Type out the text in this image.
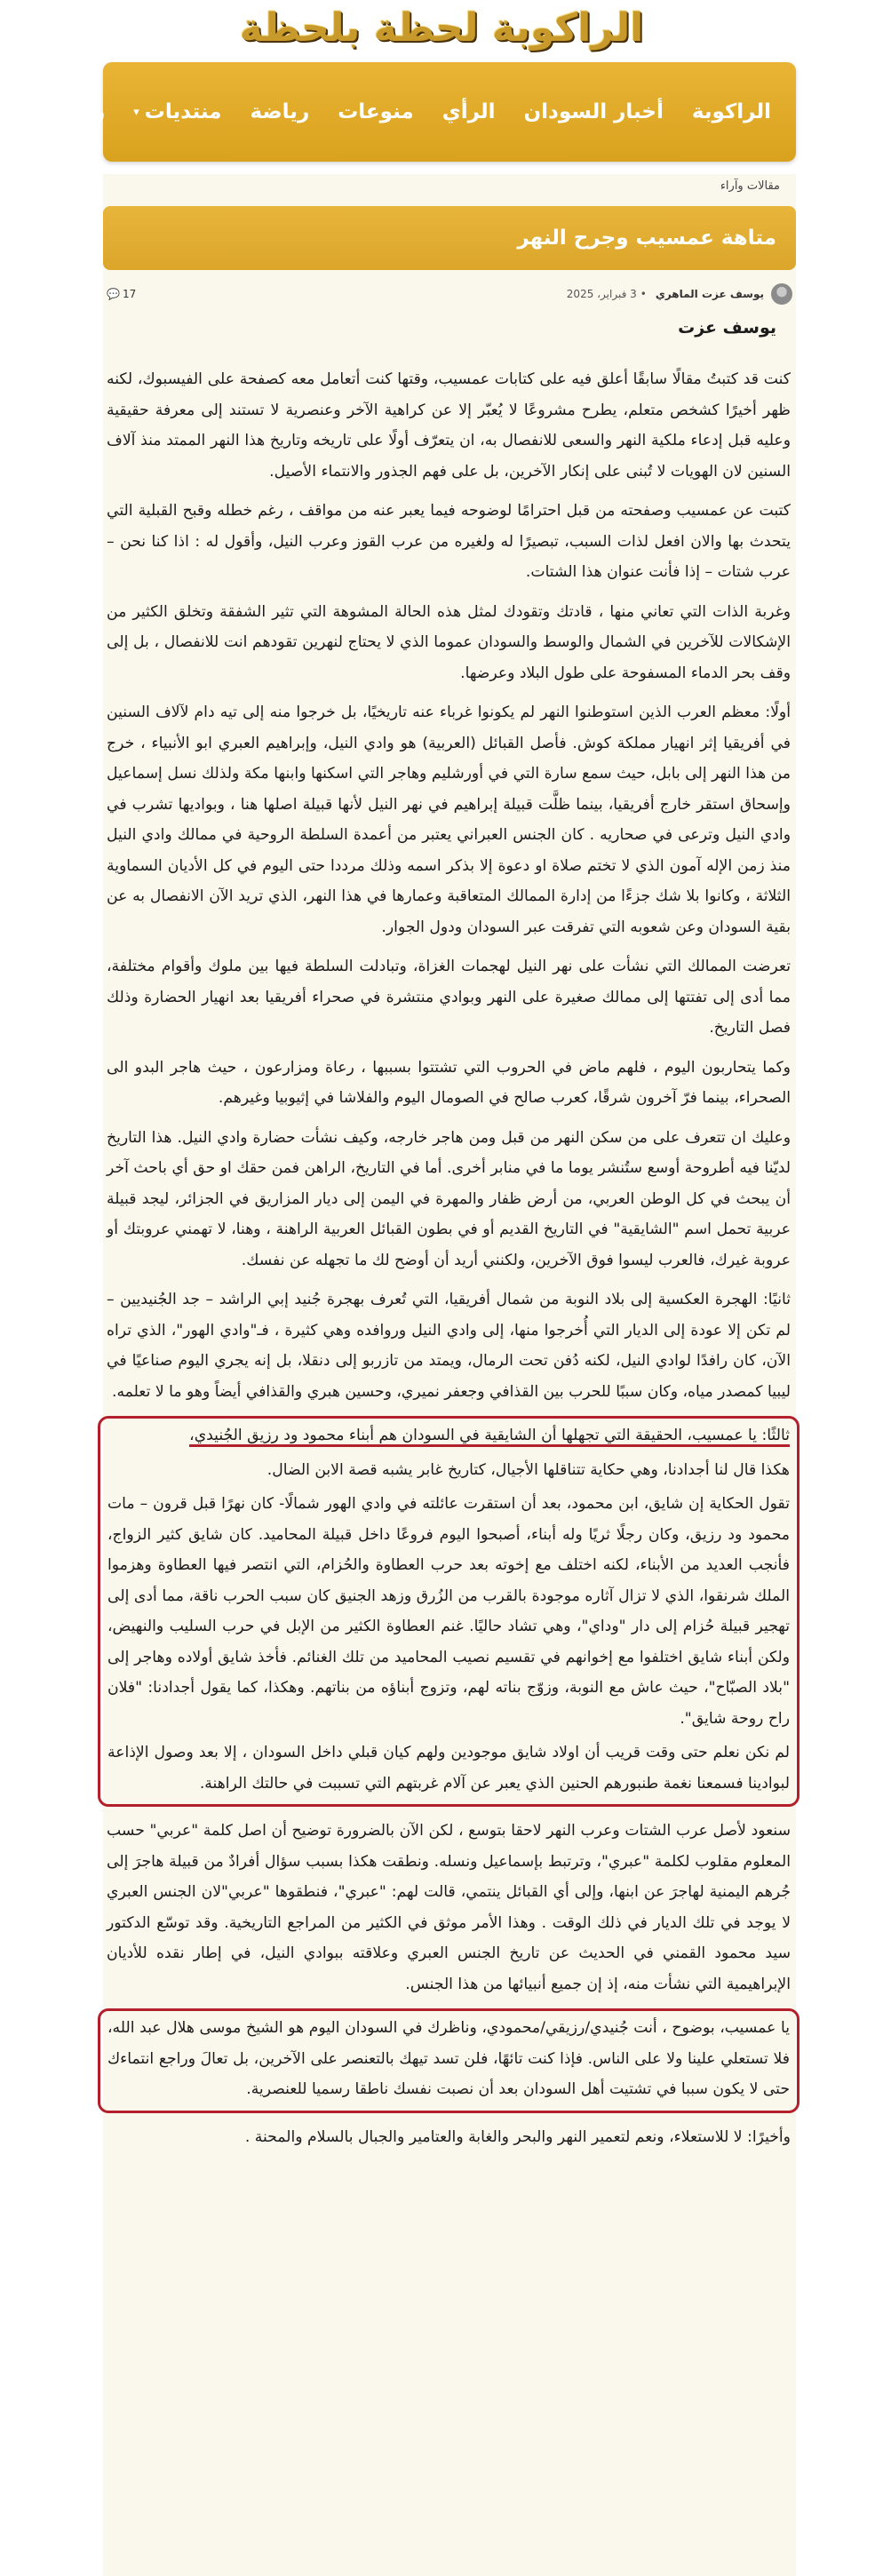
الراكوبة لحظة بلحظة
الراكوبة
أخبار السودان
الرأي
منوعات
رياضة
منتديات
▾
راسلنا
مقالات وآراء
متاهة عمسيب وجرح النهر
يوسف عزت الماهري
•
3 فبراير، 2025
17
💬
يوسف عزت

كنت قد كتبتُ مقالًا سابقًا أعلق فيه على كتابات عمسيب، وقتها كنت أتعامل معه كصفحة على الفيسبوك، لكنه ظهر أخيرًا كشخص متعلم، يطرح مشروعًا لا يُعبّر إلا عن كراهية الآخر وعنصرية لا تستند إلى معرفة حقيقية وعليه قبل إدعاء ملكية النهر والسعى للانفصال به، ان يتعرّف أولًا على تاريخه وتاريخ هذا النهر الممتد منذ آلاف السنين لان الهويات لا تُبنى على إنكار الآخرين، بل على فهم الجذور والانتماء الأصيل.

كتبت عن عمسيب وصفحته من قبل احترامًا لوضوحه فيما يعبر عنه من مواقف ، رغم خطله وقبح القبلية التي يتحدث بها والان افعل لذات السبب، تبصيرًا له ولغيره من عرب القوز وعرب النيل، وأقول له : اذا كنا نحن – عرب شتات – إذا فأنت عنوان هذا الشتات.

وغربة الذات التي تعاني منها ، قادتك وتقودك لمثل هذه الحالة المشوهة التي تثير الشفقة وتخلق الكثير من الإشكالات للآخرين في الشمال والوسط والسودان عموما الذي لا يحتاج لنهرين تقودهم انت للانفصال ، بل إلى وقف بحر الدماء المسفوحة على طول البلاد وعرضها.

أولًا: معظم العرب الذين استوطنوا النهر لم يكونوا غرباء عنه تاريخيًا، بل خرجوا منه إلى تيه دام لآلاف السنين في أفريقيا إثر انهيار مملكة كوش. فأصل القبائل (العربية) هو وادي النيل، وإبراهيم العبري ابو الأنبياء ، خرج من هذا النهر إلى بابل، حيث سمع سارة التي في أورشليم وهاجر التي اسكنها وابنها مكة ولذلك نسل إسماعيل وإسحاق استقر خارج أفريقيا، بينما ظلَّت قبيلة إبراهيم في نهر النيل لأنها قبيلة اصلها هنا ، وبواديها تشرب في وادي النيل وترعى في صحاريه . كان الجنس العبراني يعتبر من أعمدة السلطة الروحية في ممالك وادي النيل منذ زمن الإله آمون الذي لا تختم صلاة او دعوة إلا بذكر اسمه وذلك مرددا حتى اليوم في كل الأديان السماوية الثلاثة ، وكانوا بلا شك جزءًا من إدارة الممالك المتعاقبة وعمارها في هذا النهر، الذي تريد الآن الانفصال به عن بقية السودان وعن شعوبه التي تفرقت عبر السودان ودول الجوار.

تعرضت الممالك التي نشأت على نهر النيل لهجمات الغزاة، وتبادلت السلطة فيها بين ملوك وأقوام مختلفة، مما أدى إلى تفتتها إلى ممالك صغيرة على النهر وبوادي منتشرة في صحراء أفريقيا بعد انهيار الحضارة وذلك فصل التاريخ.

وكما يتحاربون اليوم ، فلهم ماض في الحروب التي تشتتوا بسببها ، رعاة ومزارعون ، حيث هاجر البدو الى الصحراء، بينما فرّ آخرون شرقًا، كعرب صالح في الصومال اليوم والفلاشا في إثيوبيا وغيرهم.

وعليك ان تتعرف على من سكن النهر من قبل ومن هاجر خارجه، وكيف نشأت حضارة وادي النيل. هذا التاريخ لديّنا فيه أطروحة أوسع ستُنشر يوما ما في منابر أخرى. أما في التاريخ، الراهن فمن حقك او حق أي باحث آخر أن يبحث في كل الوطن العربي، من أرض ظفار والمهرة في اليمن إلى ديار المزاريق في الجزائر، ليجد قبيلة عربية تحمل اسم "الشايقية" في التاريخ القديم أو في بطون القبائل العربية الراهنة ، وهنا، لا تهمني عروبتك أو عروبة غيرك، فالعرب ليسوا فوق الآخرين، ولكنني أريد أن أوضح لك ما تجهله عن نفسك.

ثانيًا: الهجرة العكسية إلى بلاد النوبة من شمال أفريقيا، التي تُعرف بهجرة جُنيد إبي الراشد – جد الجُنيديين – لم تكن إلا عودة إلى الديار التي أُخرجوا منها، إلى وادي النيل وروافده وهي كثيرة ، فـ"وادي الهور"، الذي تراه الآن، كان رافدًا لوادي النيل، لكنه دُفن تحت الرمال، ويمتد من تازربو إلى دنقلا، بل إنه يجري اليوم صناعيًا في ليبيا كمصدر مياه، وكان سببًا للحرب بين القذافي وجعفر نميري، وحسين هبري والقذافي أيضاً وهو ما لا تعلمه.

ثالثًا: يا عمسيب، الحقيقة التي تجهلها أن الشايقية في السودان هم أبناء محمود ود رزيق الجُنيدي،

هكذا قال لنا أجدادنا، وهي حكاية تتناقلها الأجيال، كتاريخ غابر يشبه قصة الابن الضال.

تقول الحكاية إن شايق، ابن محمود، بعد أن استقرت عائلته في وادي الهور شمالًا- كان نهرًا قبل قرون – مات محمود ود رزيق، وكان رجلًا ثريًا وله أبناء، أصبحوا اليوم فروعًا داخل قبيلة المحاميد. كان شايق كثير الزواج، فأنجب العديد من الأبناء، لكنه اختلف مع إخوته بعد حرب العطاوة والحُزام، التي انتصر فيها العطاوة وهزموا الملك شرنقوا، الذي لا تزال آثاره موجودة بالقرب من الزُرق وزهد الجنيق كان سبب الحرب ناقة، مما أدى إلى تهجير قبيلة حُزام إلى دار "وداي"، وهي تشاد حاليًا. غنم العطاوة الكثير من الإبل في حرب السليب والنهيض، ولكن أبناء شايق اختلفوا مع إخوانهم في تقسيم نصيب المحاميد من تلك الغنائم. فأخذ شايق أولاده وهاجر إلى "بلاد الصبّاح"، حيث عاش مع النوبة، وزوّج بناته لهم، وتزوج أبناؤه من بناتهم. وهكذا، كما يقول أجدادنا: "فلان راح روحة شايق".

لم نكن نعلم حتى وقت قريب أن اولاد شايق موجودين ولهم كيان قبلي داخل السودان ، إلا بعد وصول الإذاعة لبوادينا فسمعنا نغمة طنبورهم الحنين الذي يعبر عن آلام غربتهم التي تسببت في حالتك الراهنة.

سنعود لأصل عرب الشتات وعرب النهر لاحقا بتوسع ، لكن الآن بالضرورة توضيح أن اصل كلمة "عربي" حسب المعلوم مقلوب لكلمة "عبري"، وترتبط بإسماعيل ونسله. ونطقت هكذا بسبب سؤال أفرادٌ من قبيلة هاجرَ إلى جُرهم اليمنية لهاجرَ عن ابنها، وإلى أي القبائل ينتمي، قالت لهم: "عبري"، فنطقوها "عربي"لان الجنس العبري لا يوجد في تلك الديار في ذلك الوقت . وهذا الأمر موثق في الكثير من المراجع التاريخية. وقد توسّع الدكتور سيد محمود القمني في الحديث عن تاريخ الجنس العبري وعلاقته ببوادي النيل، في إطار نقده للأديان الإبراهيمية التي نشأت منه، إذ إن جميع أنبيائها من هذا الجنس.

يا عمسيب، بوضوح ، أنت جُنيدي/رزيقي/محمودي، وناظرك في السودان اليوم هو الشيخ موسى هلال عبد الله، فلا تستعلي علينا ولا على الناس. فإذا كنت تائهًا، فلن تسد تيهك بالتعنصر على الآخرين، بل تعالَ وراجع انتماءك حتى لا يكون سببا في تشتيت أهل السودان بعد أن نصبت نفسك ناطقا رسميا للعنصرية.

وأخيرًا: لا للاستعلاء، ونعم لتعمير النهر والبحر والغابة والعتامير والجبال بالسلام والمحنة .
